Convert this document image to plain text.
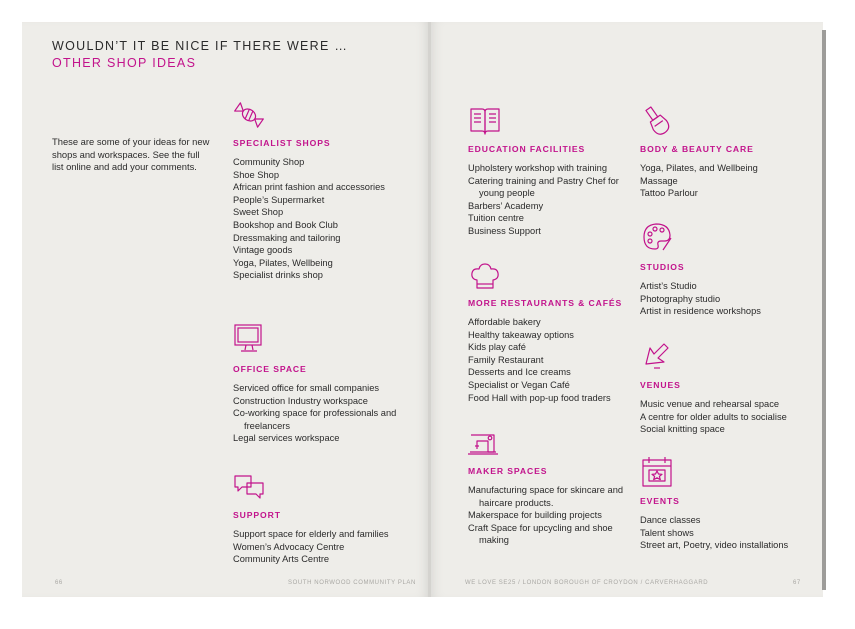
WOULDN’T IT BE NICE IF THERE WERE …
OTHER SHOP IDEAS
These are some of your ideas for new shops and workspaces. See the full list online and add your comments.
SPECIALIST SHOPS
Community Shop
Shoe Shop
African print fashion and accessories
People’s Supermarket
Sweet Shop
Bookshop and Book Club
Dressmaking and tailoring
Vintage goods
Yoga, Pilates, Wellbeing
Specialist drinks shop
OFFICE SPACE
Serviced office for small companies
Construction Industry workspace
Co-working space for professionals and freelancers
Legal services workspace
SUPPORT
Support space for elderly and families
Women’s Advocacy Centre
Community Arts Centre
EDUCATION FACILITIES
Upholstery workshop with training
Catering training and Pastry Chef for young people
Barbers’ Academy
Tuition centre
Business Support
MORE RESTAURANTS & CAFÉS
Affordable bakery
Healthy takeaway options
Kids play café
Family Restaurant
Desserts and Ice creams
Specialist or Vegan Café
Food Hall with pop-up food traders
MAKER SPACES
Manufacturing space for skincare and haircare products.
Makerspace for building projects
Craft Space for upcycling and shoe making
BODY & BEAUTY CARE
Yoga, Pilates, and Wellbeing
Massage
Tattoo Parlour
STUDIOS
Artist’s Studio
Photography studio
Artist in residence workshops
VENUES
Music venue and rehearsal space
A centre for older adults to socialise
Social knitting space
EVENTS
Dance classes
Talent shows
Street art, Poetry, video installations
66	SOUTH NORWOOD COMMUNITY PLAN	WE LOVE SE25 / LONDON BOROUGH OF CROYDON / CARVERHAGGARD	67
